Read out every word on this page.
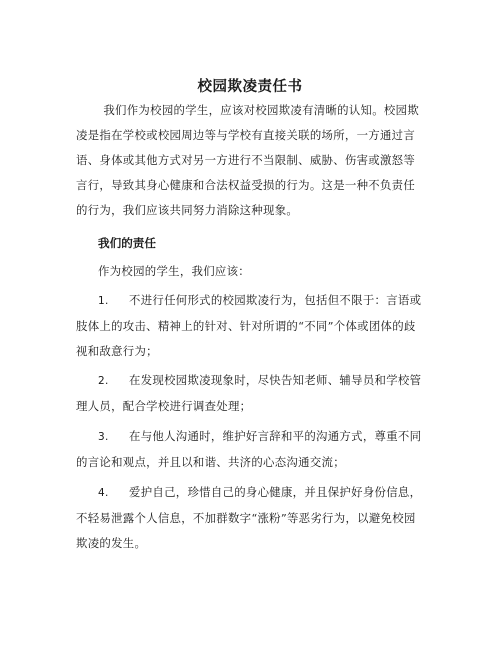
校园欺凌责任书

我们作为校园的学生，应该对校园欺凌有清晰的认知。校园欺凌是指在学校或校园周边等与学校有直接关联的场所，一方通过言语、身体或其他方式对另一方进行不当限制、威胁、伤害或激怒等言行，导致其身心健康和合法权益受损的行为。这是一种不负责任的行为，我们应该共同努力消除这种现象。

我们的责任
作为校园的学生，我们应该：

1. 不进行任何形式的校园欺凌行为，包括但不限于：言语或肢体上的攻击、精神上的针对、针对所谓的“不同”个体或团体的歧视和敌意行为；

2. 在发现校园欺凌现象时，尽快告知老师、辅导员和学校管理人员，配合学校进行调查处理；

3. 在与他人沟通时，维护好言辞和平的沟通方式，尊重不同的言论和观点，并且以和谐、共济的心态沟通交流；

4. 爱护自己，珍惜自己的身心健康，并且保护好身份信息，不轻易泄露个人信息，不加群数字“涨粉”等恶劣行为，以避免校园欺凌的发生。
